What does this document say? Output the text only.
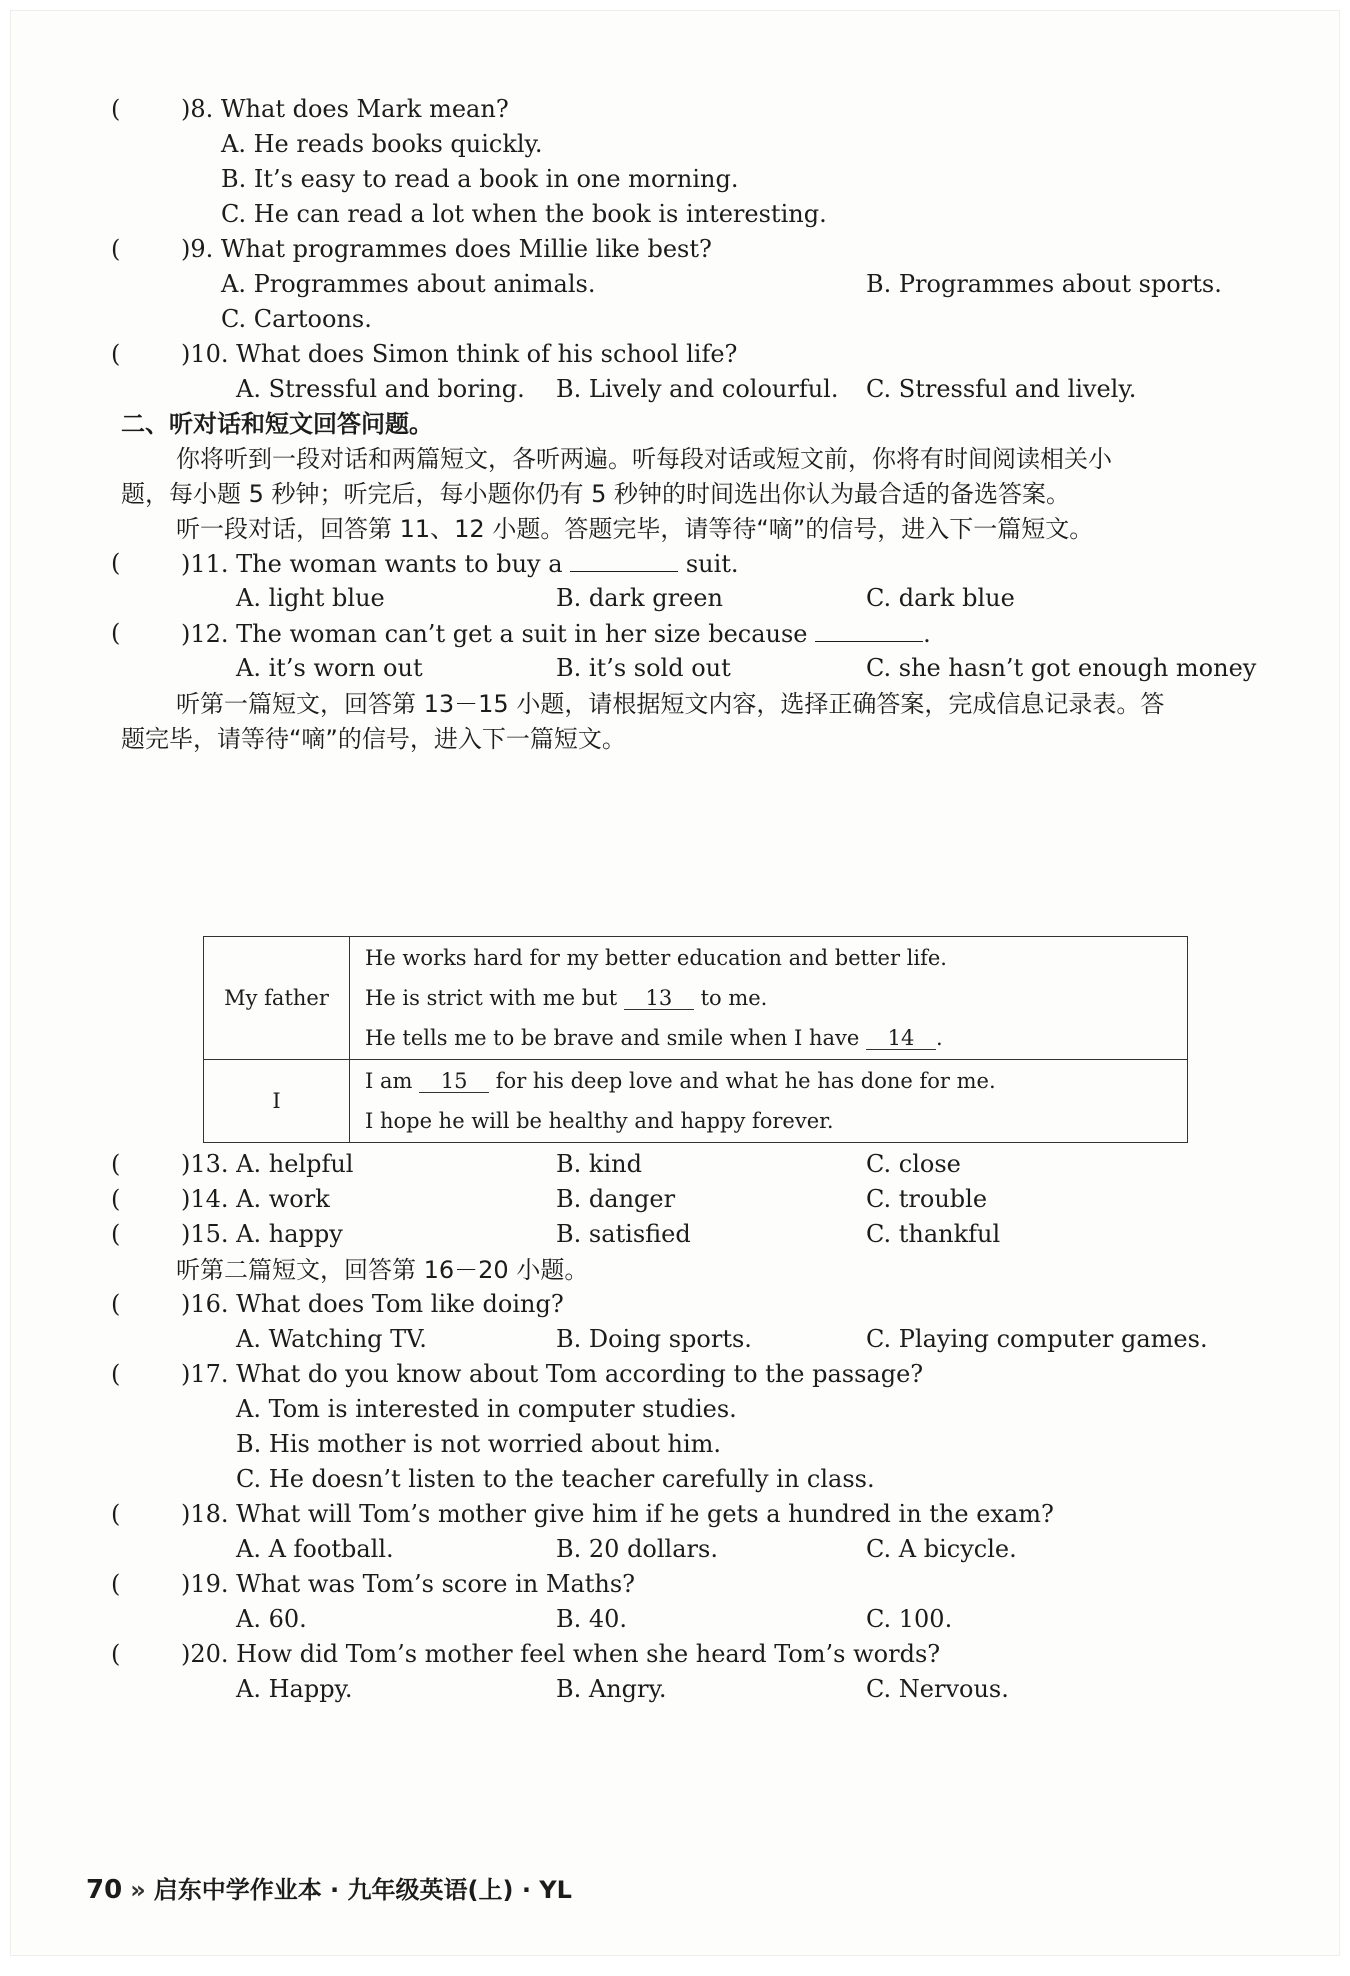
(	)8. What does Mark mean?
A. He reads books quickly.
B. It’s easy to read a book in one morning.
C. He can read a lot when the book is interesting.
(	)9. What programmes does Millie like best?
A. Programmes about animals.	B. Programmes about sports.
C. Cartoons.
(	)10. What does Simon think of his school life?
A. Stressful and boring. B. Lively and colourful. C. Stressful and lively.
二、听对话和短文回答问题。
你将听到一段对话和两篇短文，各听两遍。听每段对话或短文前，你将有时间阅读相关小
题，每小题 5 秒钟；听完后，每小题你仍有 5 秒钟的时间选出你认为最合适的备选答案。
听一段对话，回答第 11、12 小题。答题完毕，请等待“嘀”的信号，进入下一篇短文。
(	)11. The woman wants to buy a	suit.
A. light blue	B. dark green	C. dark blue
(	)12. The woman can’t get a suit in her size because	.
A. it’s worn out	B. it’s sold out	C. she hasn’t got enough money
听第一篇短文，回答第 13－15 小题，请根据短文内容，选择正确答案，完成信息记录表。答
题完毕，请等待“嘀”的信号，进入下一篇短文。
My father	He works hard for my better education and better life.
He is strict with me but 13 to me.
He tells me to be brave and smile when I have 14 .

I	I am 15 for his deep love and what he has done for me.
I hope he will be healthy and happy forever.
(	)13. A. helpful	B. kind	C. close
(	)14. A. work	B. danger	C. trouble
(	)15. A. happy	B. satisfied	C. thankful
听第二篇短文，回答第 16－20 小题。
(	)16. What does Tom like doing?
A. Watching TV.	B. Doing sports.	C. Playing computer games.
(	)17. What do you know about Tom according to the passage?
A. Tom is interested in computer studies.
B. His mother is not worried about him.
C. He doesn’t listen to the teacher carefully in class.
(	)18. What will Tom’s mother give him if he gets a hundred in the exam?
A. A football.	B. 20 dollars.	C. A bicycle.
(	)19. What was Tom’s score in Maths?
A. 60.	B. 40.	C. 100.
(	)20. How did Tom’s mother feel when she heard Tom’s words?
A. Happy.	B. Angry.	C. Nervous.
70 » 启东中学作业本 · 九年级英语(上) · YL
